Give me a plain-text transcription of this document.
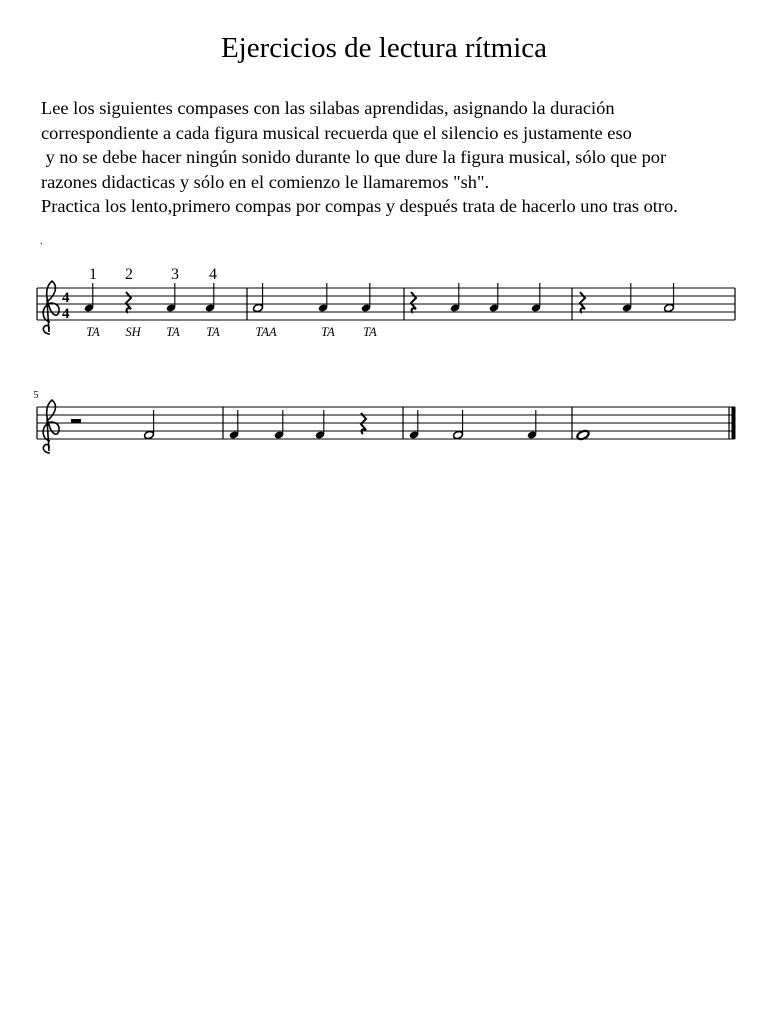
Ejercicios de lectura rítmica
Lee los siguientes compases con las silabas aprendidas, asignando la duración
correspondiente a cada figura musical recuerda que el silencio es justamente eso
y no se debe hacer ningún sonido durante lo que dure la figura musical, sólo que por
razones didacticas y sólo en el comienzo le llamaremos "sh".
Practica los lento,primero compas por compas y después trata de hacerlo uno tras otro.
.
4
4
1 2 3 4
TA SH TA TA	TAA	TA TA
5
